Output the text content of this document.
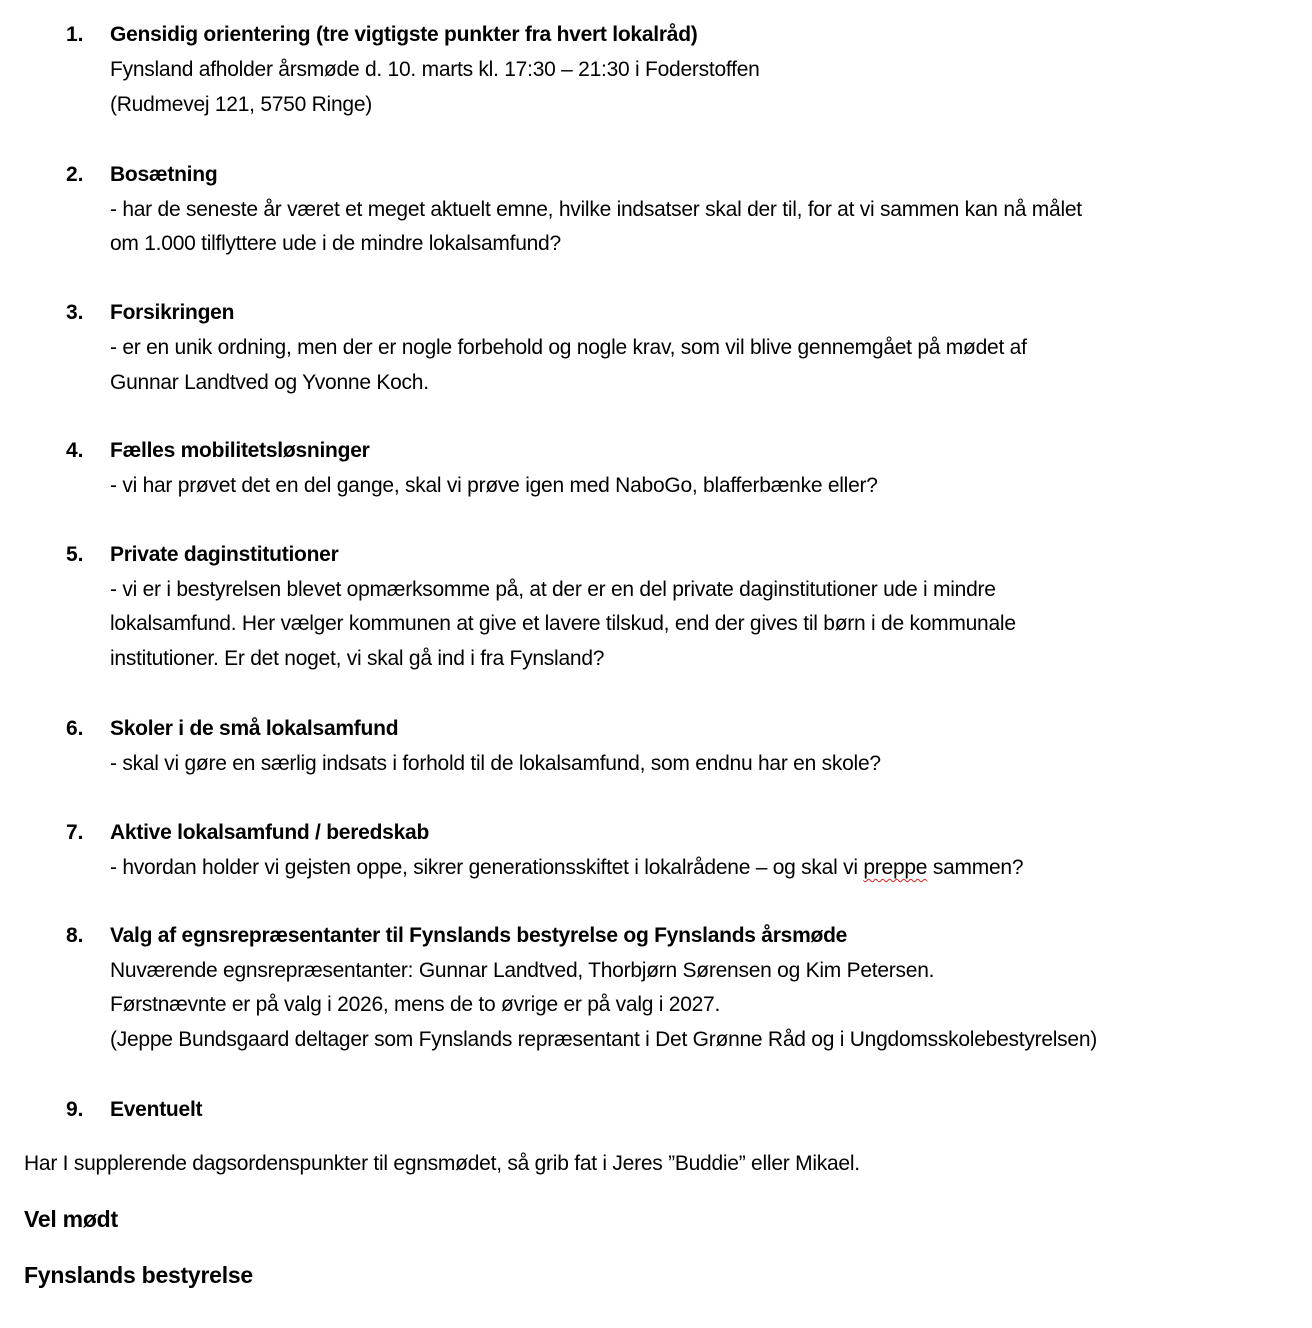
1. Gensidig orientering (tre vigtigste punkter fra hvert lokalråd)
Fynsland afholder årsmøde d. 10. marts kl. 17:30 – 21:30 i Foderstoffen
(Rudmevej 121, 5750 Ringe)
2. Bosætning
- har de seneste år været et meget aktuelt emne, hvilke indsatser skal der til, for at vi sammen kan nå målet
om 1.000 tilflyttere ude i de mindre lokalsamfund?
3. Forsikringen
- er en unik ordning, men der er nogle forbehold og nogle krav, som vil blive gennemgået på mødet af
Gunnar Landtved og Yvonne Koch.
4. Fælles mobilitetsløsninger
- vi har prøvet det en del gange, skal vi prøve igen med NaboGo, blafferbænke eller?
5. Private daginstitutioner
- vi er i bestyrelsen blevet opmærksomme på, at der er en del private daginstitutioner ude i mindre
lokalsamfund. Her vælger kommunen at give et lavere tilskud, end der gives til børn i de kommunale
institutioner. Er det noget, vi skal gå ind i fra Fynsland?
6. Skoler i de små lokalsamfund
- skal vi gøre en særlig indsats i forhold til de lokalsamfund, som endnu har en skole?
7. Aktive lokalsamfund / beredskab
- hvordan holder vi gejsten oppe, sikrer generationsskiftet i lokalrådene – og skal vi preppe sammen?
8. Valg af egnsrepræsentanter til Fynslands bestyrelse og Fynslands årsmøde
Nuværende egnsrepræsentanter: Gunnar Landtved, Thorbjørn Sørensen og Kim Petersen.
Førstnævnte er på valg i 2026, mens de to øvrige er på valg i 2027.
(Jeppe Bundsgaard deltager som Fynslands repræsentant i Det Grønne Råd og i Ungdomsskolebestyrelsen)
9. Eventuelt
Har I supplerende dagsordenspunkter til egnsmødet, så grib fat i Jeres ”Buddie” eller Mikael.
Vel mødt
Fynslands bestyrelse
